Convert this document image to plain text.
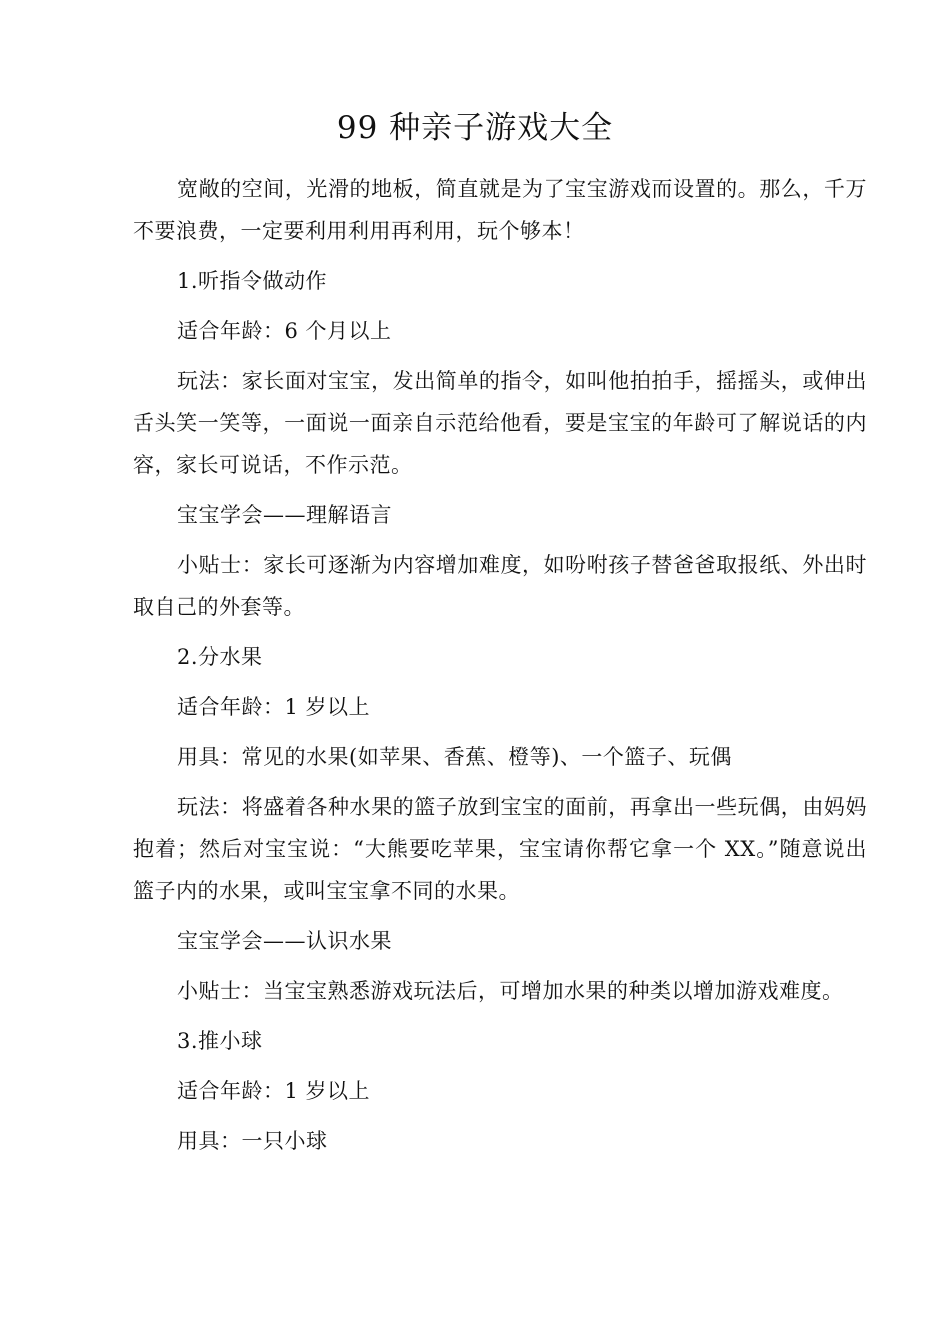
99 种亲子游戏大全

宽敞的空间，光滑的地板，简直就是为了宝宝游戏而设置的。那么，千万不要浪费，一定要利用利用再利用，玩个够本！

1.听指令做动作

适合年龄：6 个月以上

玩法：家长面对宝宝，发出简单的指令，如叫他拍拍手，摇摇头，或伸出舌头笑一笑等，一面说一面亲自示范给他看，要是宝宝的年龄可了解说话的内容，家长可说话，不作示范。

宝宝学会——理解语言

小贴士：家长可逐渐为内容增加难度，如吩咐孩子替爸爸取报纸、外出时取自己的外套等。

2.分水果

适合年龄：1 岁以上

用具：常见的水果(如苹果、香蕉、橙等)、一个篮子、玩偶

玩法：将盛着各种水果的篮子放到宝宝的面前，再拿出一些玩偶，由妈妈抱着；然后对宝宝说：“大熊要吃苹果，宝宝请你帮它拿一个 XX。”随意说出篮子内的水果，或叫宝宝拿不同的水果。

宝宝学会——认识水果

小贴士：当宝宝熟悉游戏玩法后，可增加水果的种类以增加游戏难度。

3.推小球

适合年龄：1 岁以上

用具：一只小球
